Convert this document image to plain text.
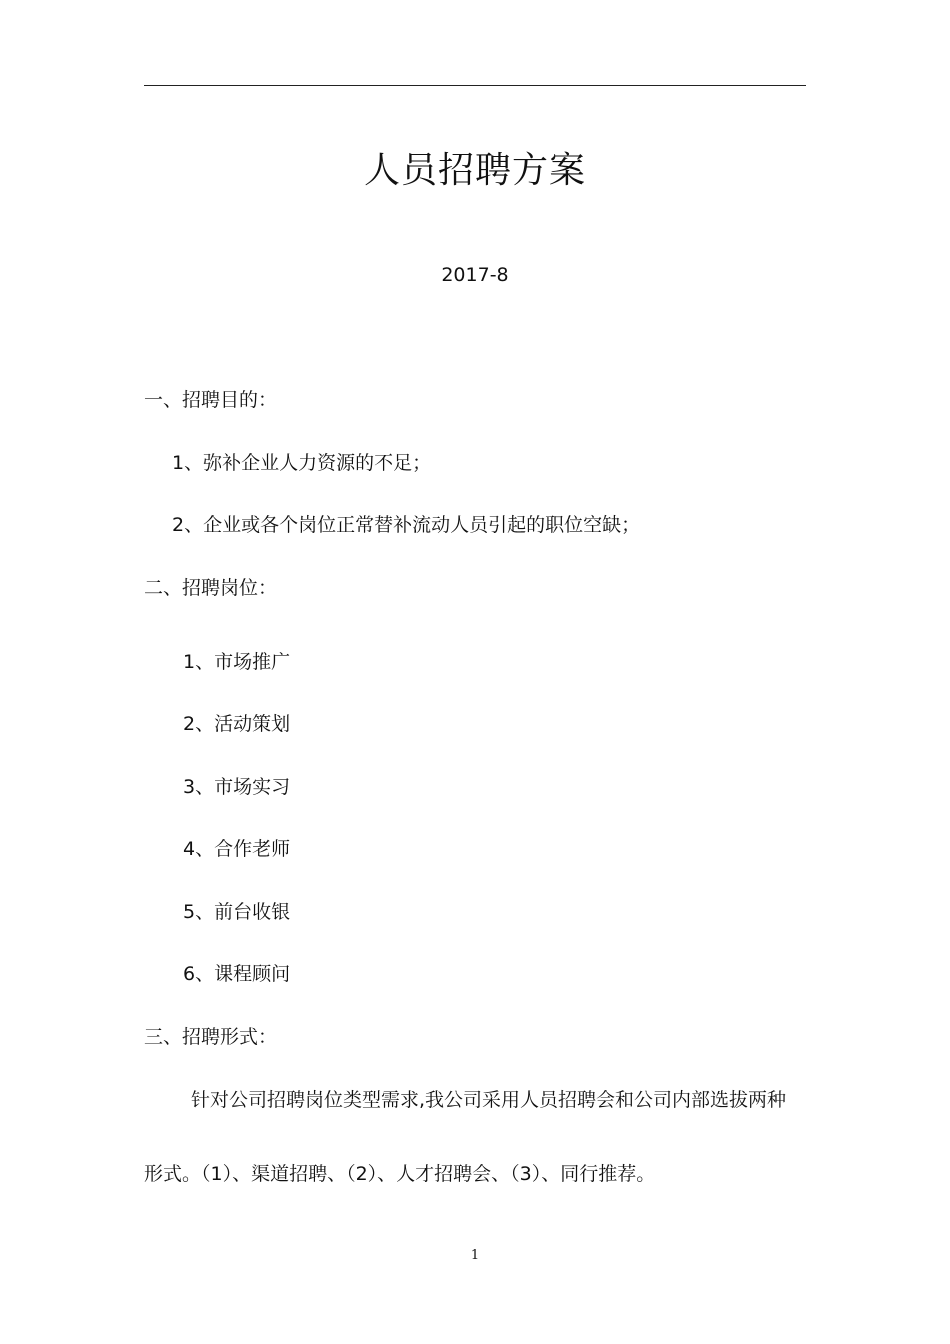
人员招聘方案
2017-8
一、招聘目的：
1、弥补企业人力资源的不足；
2、企业或各个岗位正常替补流动人员引起的职位空缺；
二、招聘岗位：
1、市场推广
2、活动策划
3、市场实习
4、合作老师
5、前台收银
6、课程顾问
三、招聘形式：
针对公司招聘岗位类型需求,我公司采用人员招聘会和公司内部选拔两种
形式。（1）、渠道招聘、（2）、人才招聘会、（3）、同行推荐。
1
